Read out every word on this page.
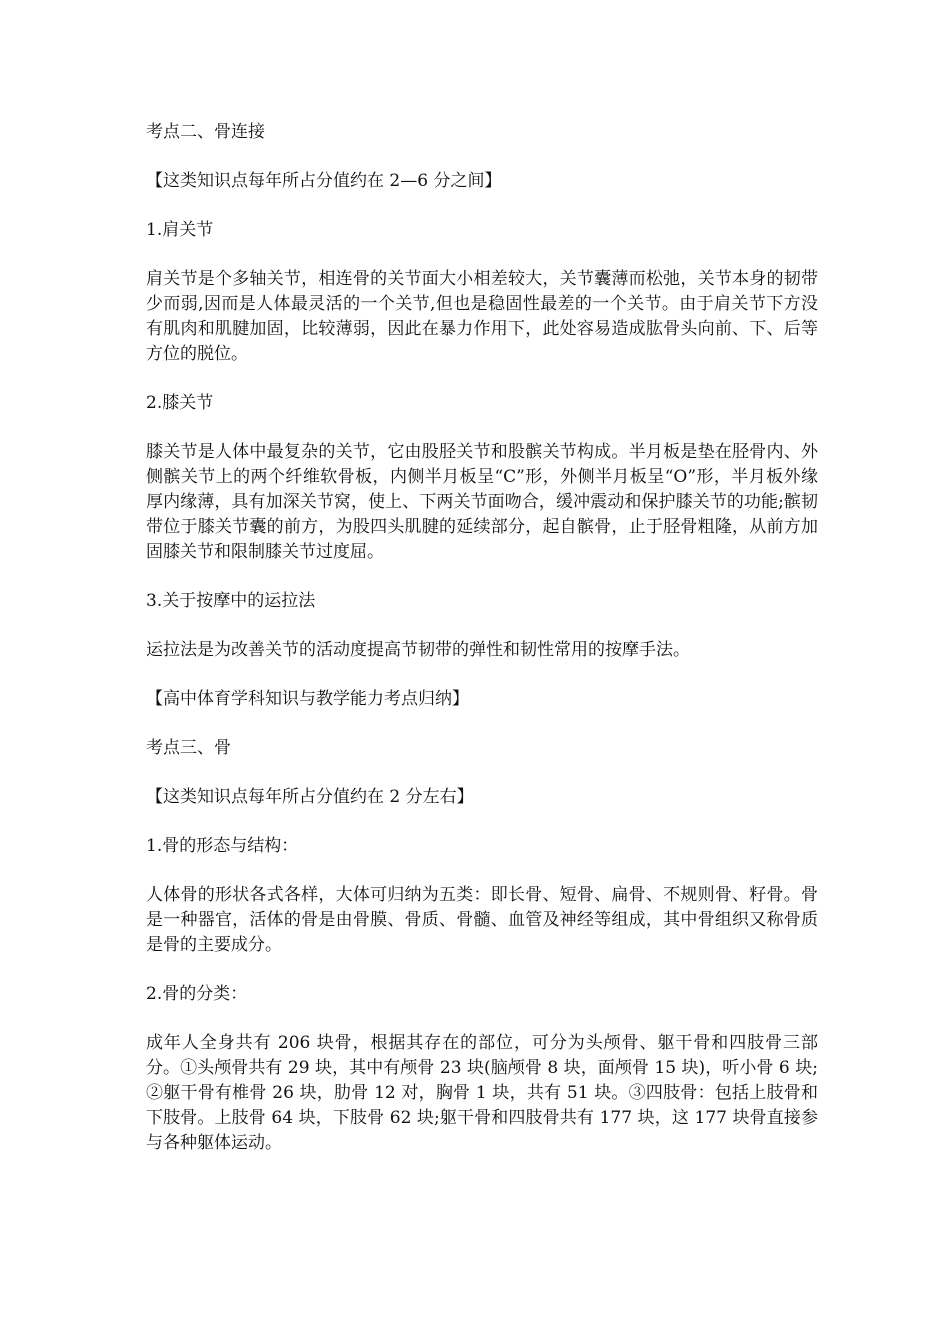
考点二、骨连接

【这类知识点每年所占分值约在 2—6 分之间】

1.肩关节

肩关节是个多轴关节，相连骨的关节面大小相差较大，关节囊薄而松弛，关节本身的韧带少而弱,因而是人体最灵活的一个关节,但也是稳固性最差的一个关节。由于肩关节下方没有肌肉和肌腱加固，比较薄弱，因此在暴力作用下，此处容易造成肱骨头向前、下、后等方位的脱位。

2.膝关节

膝关节是人体中最复杂的关节，它由股胫关节和股髌关节构成。半月板是垫在胫骨内、外侧髌关节上的两个纤维软骨板，内侧半月板呈“C”形，外侧半月板呈“O”形，半月板外缘厚内缘薄，具有加深关节窝，使上、下两关节面吻合，缓冲震动和保护膝关节的功能;髌韧带位于膝关节囊的前方，为股四头肌腱的延续部分，起自髌骨，止于胫骨粗隆，从前方加固膝关节和限制膝关节过度屈。

3.关于按摩中的运拉法

运拉法是为改善关节的活动度提高节韧带的弹性和韧性常用的按摩手法。

【高中体育学科知识与教学能力考点归纳】

考点三、骨

【这类知识点每年所占分值约在 2 分左右】

1.骨的形态与结构：

人体骨的形状各式各样，大体可归纳为五类：即长骨、短骨、扁骨、不规则骨、籽骨。骨是一种器官，活体的骨是由骨膜、骨质、骨髓、血管及神经等组成，其中骨组织又称骨质是骨的主要成分。

2.骨的分类：

成年人全身共有 206 块骨，根据其存在的部位，可分为头颅骨、躯干骨和四肢骨三部分。①头颅骨共有 29 块，其中有颅骨 23 块(脑颅骨 8 块，面颅骨 15 块)，听小骨 6 块;②躯干骨有椎骨 26 块，肋骨 12 对，胸骨 1 块，共有 51 块。③四肢骨：包括上肢骨和下肢骨。上肢骨 64 块，下肢骨 62 块;躯干骨和四肢骨共有 177 块，这 177 块骨直接参与各种躯体运动。
